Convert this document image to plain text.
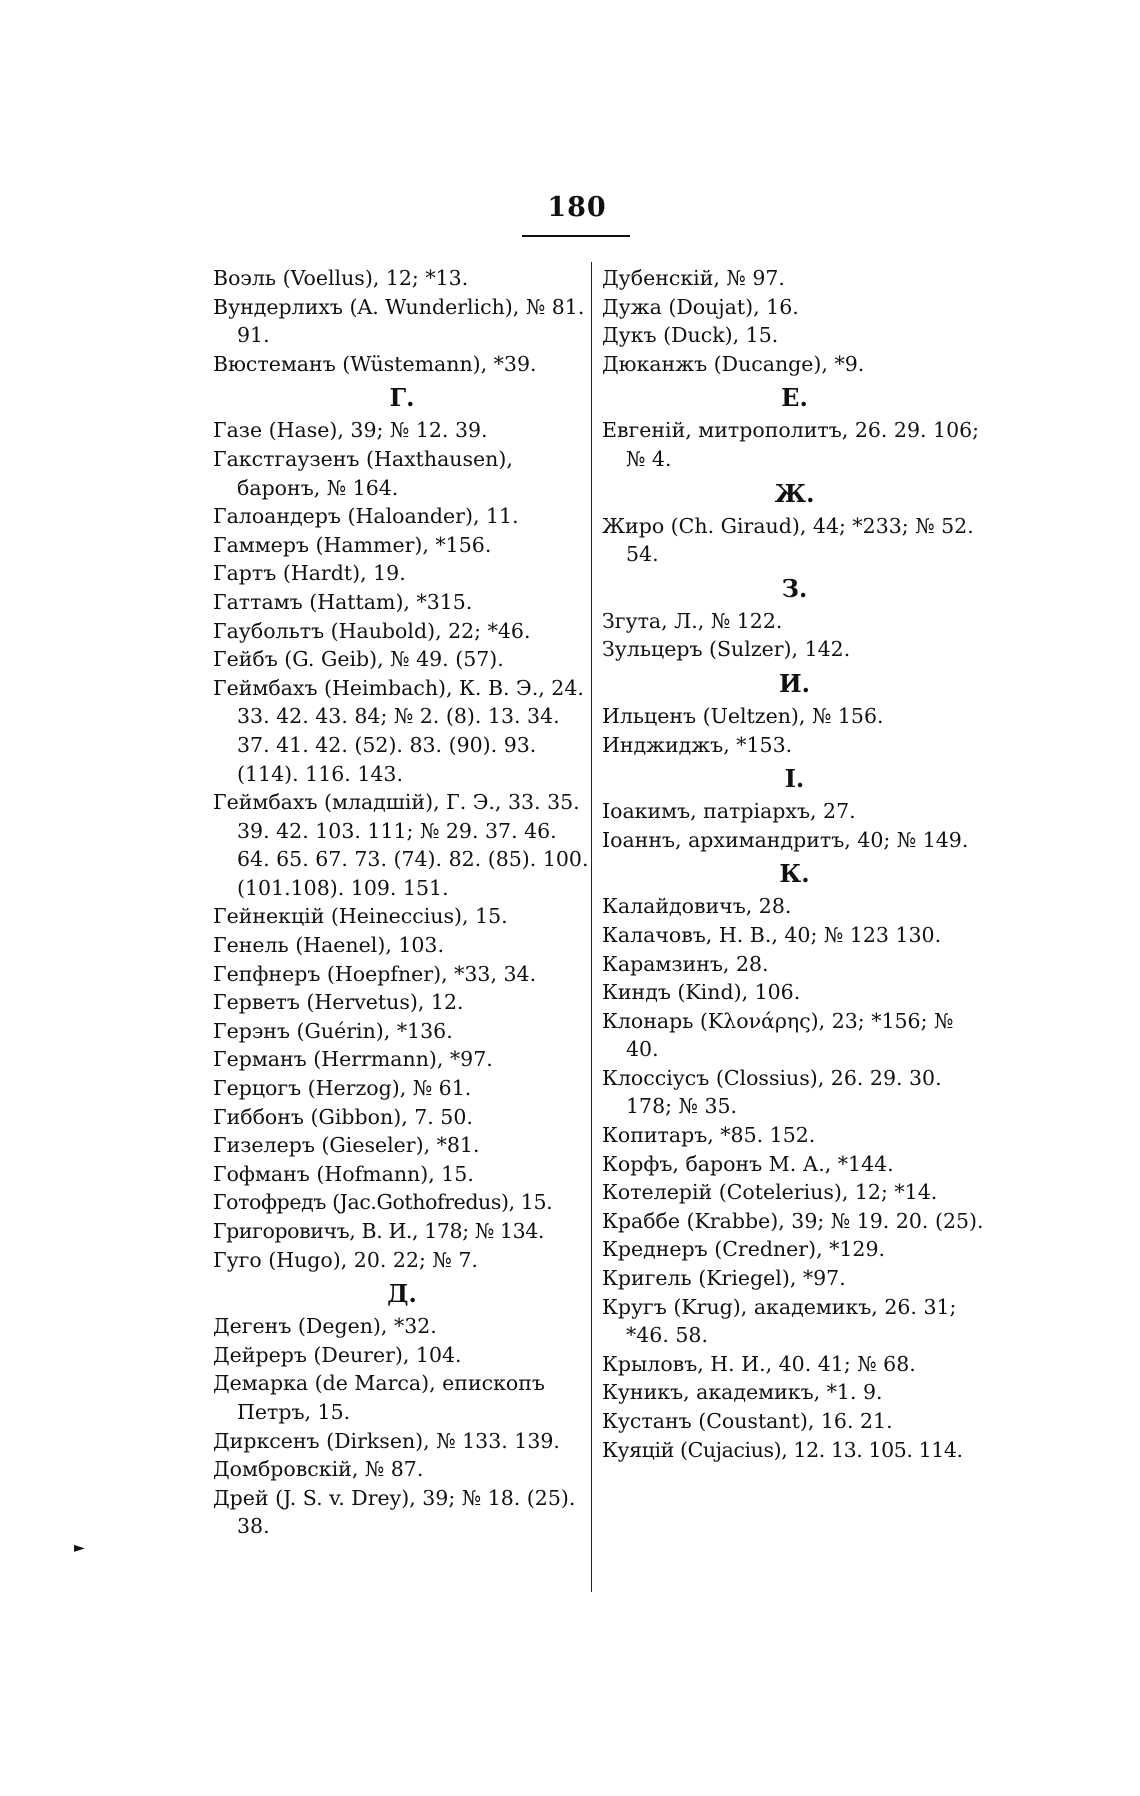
180
Воэль (Voellus), 12; *13.
Вундерлихъ (A. Wunderlich), № 81. 91.
Вюстеманъ (Wüstemann), *39.
Г.
Газе (Hase), 39; № 12. 39.
Гакстгаузенъ (Haxthausen), баронъ, № 164.
Галоандеръ (Haloander), 11.
Гаммеръ (Hammer), *156.
Гартъ (Hardt), 19.
Гаттамъ (Hattam), *315.
Гаубольтъ (Haubold), 22; *46.
Гейбъ (G. Geib), № 49. (57).
Геймбахъ (Heimbach), К. В. Э., 24. 33. 42. 43. 84; № 2. (8). 13. 34. 37. 41. 42. (52). 83. (90). 93. (114). 116. 143.
Геймбахъ (младшій), Г. Э., 33. 35. 39. 42. 103. 111; № 29. 37. 46. 64. 65. 67. 73. (74). 82. (85). 100. (101.108). 109. 151.
Гейнекцій (Heineccius), 15.
Генель (Haenel), 103.
Гепфнеръ (Hoepfner), *33, 34.
Герветъ (Hervetus), 12.
Герэнъ (Guérin), *136.
Германъ (Herrmann), *97.
Герцогъ (Herzog), № 61.
Гиббонъ (Gibbon), 7. 50.
Гизелеръ (Gieseler), *81.
Гофманъ (Hofmann), 15.
Готофредъ (Jac.Gothofredus), 15.
Григоровичъ, В. И., 178; № 134.
Гуго (Hugo), 20. 22; № 7.
Д.
Дегенъ (Degen), *32.
Дейреръ (Deurer), 104.
Демарка (de Marca), епископъ Петръ, 15.
Дирксенъ (Dirksen), № 133. 139.
Домбровскій, № 87.
Дрей (J. S. v. Drey), 39; № 18. (25). 38.
Дубенскій, № 97.
Дужа (Doujat), 16.
Дукъ (Duck), 15.
Дюканжъ (Ducange), *9.
Е.
Евгеній, митрополитъ, 26. 29. 106; № 4.
Ж.
Жиро (Ch. Giraud), 44; *233; № 52. 54.
З.
Згута, Л., № 122.
Зульцеръ (Sulzer), 142.
И.
Ильценъ (Ueltzen), № 156.
Инджиджъ, *153.
І.
Іоакимъ, патріархъ, 27.
Іоаннъ, архимандритъ, 40; № 149.
К.
Калайдовичъ, 28.
Калачовъ, Н. В., 40; № 123 130.
Карамзинъ, 28.
Киндъ (Kind), 106.
Клонарь (Κλονάρης), 23; *156; № 40.
Клоссіусъ (Clossius), 26. 29. 30. 178; № 35.
Копитаръ, *85. 152.
Корфъ, баронъ М. А., *144.
Котелерій (Cotelerius), 12; *14.
Краббе (Krabbe), 39; № 19. 20. (25).
Креднеръ (Credner), *129.
Кригель (Kriegel), *97.
Кругъ (Krug), академикъ, 26. 31; *46. 58.
Крыловъ, Н. И., 40. 41; № 68.
Куникъ, академикъ, *1. 9.
Кустанъ (Coustant), 16. 21.
Куяцій (Cujacius), 12. 13. 105. 114.
►
